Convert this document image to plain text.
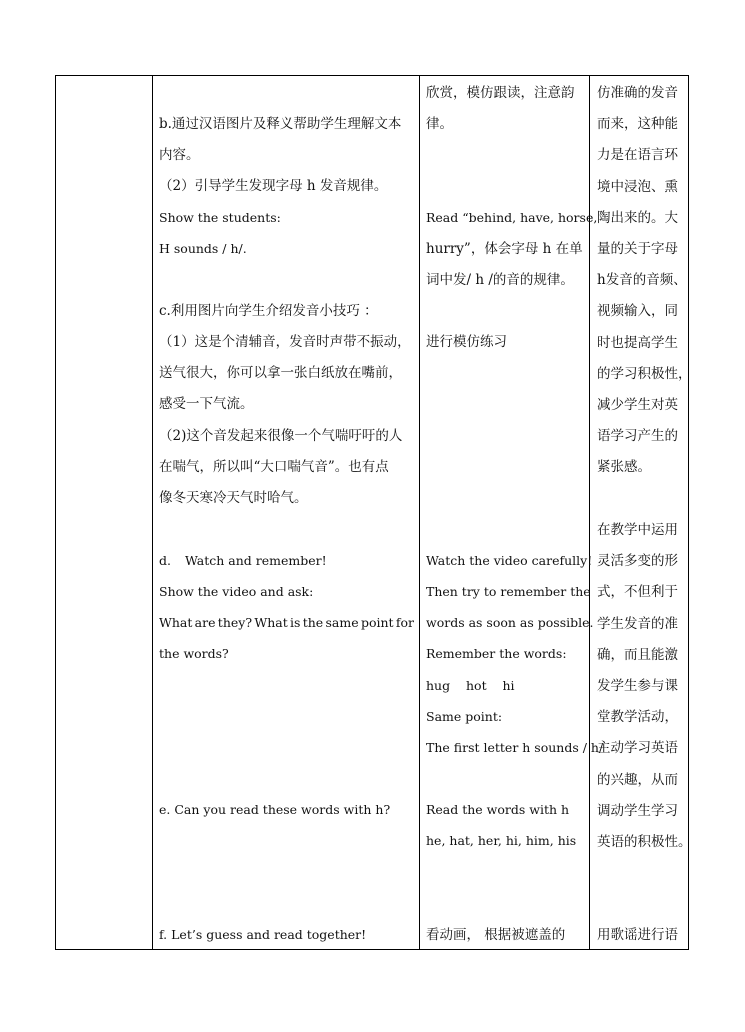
b.通过汉语图片及释义帮助学生理解文本
内容。
（2）引导学生发现字母 h 发音规律。
Show the students:
H sounds / h/.
c.利用图片向学生介绍发音小技巧 ：
（1）这是个清辅音，发音时声带不振动，
送气很大，你可以拿一张白纸放在嘴前，
感受一下气流。
（2)这个音发起来很像一个气喘吁吁的人
在喘气，所以叫“大口喘气音”。也有点
像冬天寒冷天气时哈气。
d. Watch and remember!
Show the video and ask:
What are they? What is the same point for
the words?
e. Can you read these words with h?
f. Let’s guess and read together!
欣赏，模仿跟读，注意韵
律。
Read “behind, have, horse,
hurry”，体会字母 h 在单
词中发/ h /的音的规律。
进行模仿练习
Watch the video carefully!
Then try to remember the
words as soon as possible.
Remember the words:
hug    hot    hi
Same point:
The first letter h sounds / h/
Read the words with h
he, hat, her, hi, him, his
看动画， 根据被遮盖的
仿准确的发音
而来，这种能
力是在语言环
境中浸泡、熏
陶出来的。大
量的关于字母
h发音的音频、
视频输入，同
时也提高学生
的学习积极性，
减少学生对英
语学习产生的
紧张感。
在教学中运用
灵活多变的形
式，不但利于
学生发音的准
确，而且能激
发学生参与课
堂教学活动，
主动学习英语
的兴趣，从而
调动学生学习
英语的积极性。
用歌谣进行语
